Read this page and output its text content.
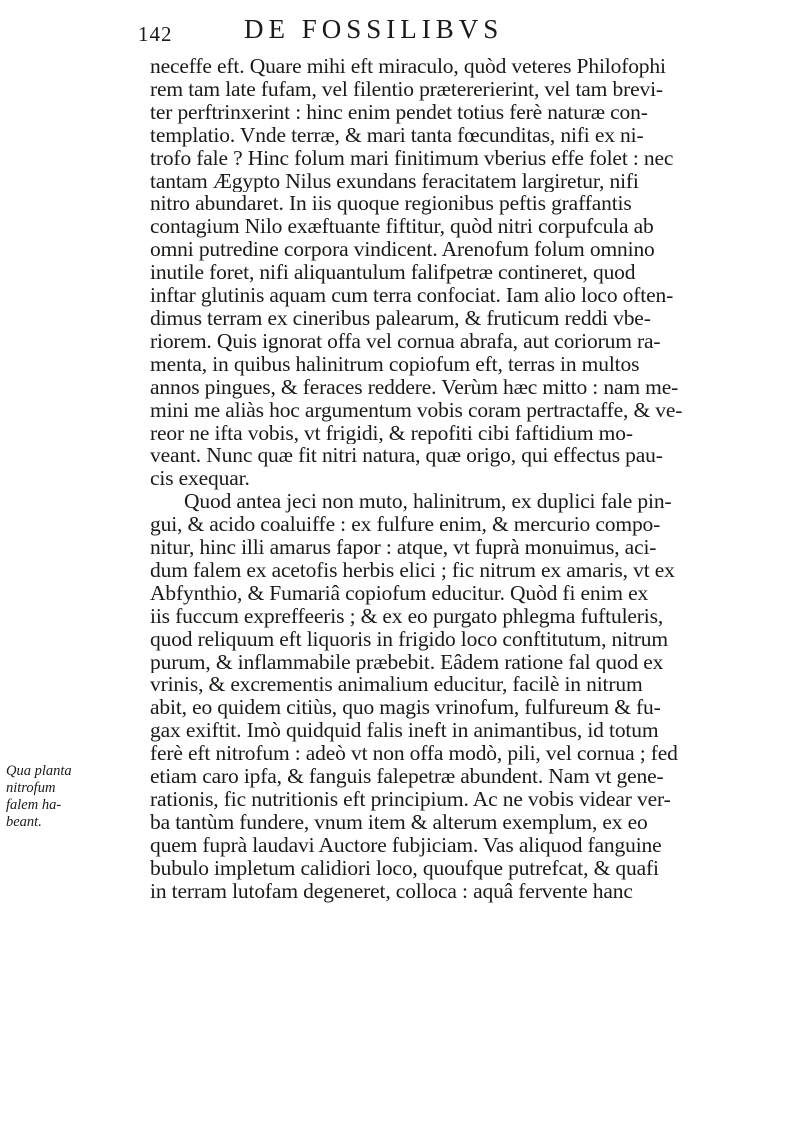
142	DE FOSSILIBVS
Qua planta
nitrofum
falem ha-
beant.
neceffe eft. Quare mihi eft miraculo, quòd veteres Philofophi
rem tam late fufam, vel filentio prætererierint, vel tam brevi-
ter perftrinxerint : hinc enim pendet totius ferè naturæ con-
templatio. Vnde terræ, & mari tanta fœcunditas, nifi ex ni-
trofo fale ? Hinc folum mari finitimum vberius effe folet : nec
tantam Ægypto Nilus exundans feracitatem largiretur, nifi
nitro abundaret. In iis quoque regionibus peftis graffantis
contagium Nilo exæftuante fiftitur, quòd nitri corpufcula ab
omni putredine corpora vindicent. Arenofum folum omnino
inutile foret, nifi aliquantulum falifpetræ contineret, quod
inftar glutinis aquam cum terra confociat. Iam alio loco often-
dimus terram ex cineribus palearum, & fruticum reddi vbe-
riorem. Quis ignorat offa vel cornua abrafa, aut coriorum ra-
menta, in quibus halinitrum copiofum eft, terras in multos
annos pingues, & feraces reddere. Verùm hæc mitto : nam me-
mini me aliàs hoc argumentum vobis coram pertractaffe, & ve-
reor ne ifta vobis, vt frigidi, & repofiti cibi faftidium mo-
veant. Nunc quæ fit nitri natura, quæ origo, qui effectus pau-
cis exequar.
Quod antea jeci non muto, halinitrum, ex duplici fale pin-
gui, & acido coaluiffe : ex fulfure enim, & mercurio compo-
nitur, hinc illi amarus fapor : atque, vt fuprà monuimus, aci-
dum falem ex acetofis herbis elici ; fic nitrum ex amaris, vt ex
Abfynthio, & Fumariâ copiofum educitur. Quòd fi enim ex
iis fuccum expreffeeris ; & ex eo purgato phlegma fuftuleris,
quod reliquum eft liquoris in frigido loco conftitutum, nitrum
purum, & inflammabile præbebit. Eâdem ratione fal quod ex
vrinis, & excrementis animalium educitur, facilè in nitrum
abit, eo quidem citiùs, quo magis vrinofum, fulfureum & fu-
gax exiftit. Imò quidquid falis ineft in animantibus, id totum
ferè eft nitrofum : adeò vt non offa modò, pili, vel cornua ; fed
etiam caro ipfa, & fanguis falepetræ abundent. Nam vt gene-
rationis, fic nutritionis eft principium. Ac ne vobis videar ver-
ba tantùm fundere, vnum item & alterum exemplum, ex eo
quem fuprà laudavi Auctore fubjiciam. Vas aliquod fanguine
bubulo impletum calidiori loco, quoufque putrefcat, & quafi
in terram lutofam degeneret, colloca : aquâ fervente hanc
